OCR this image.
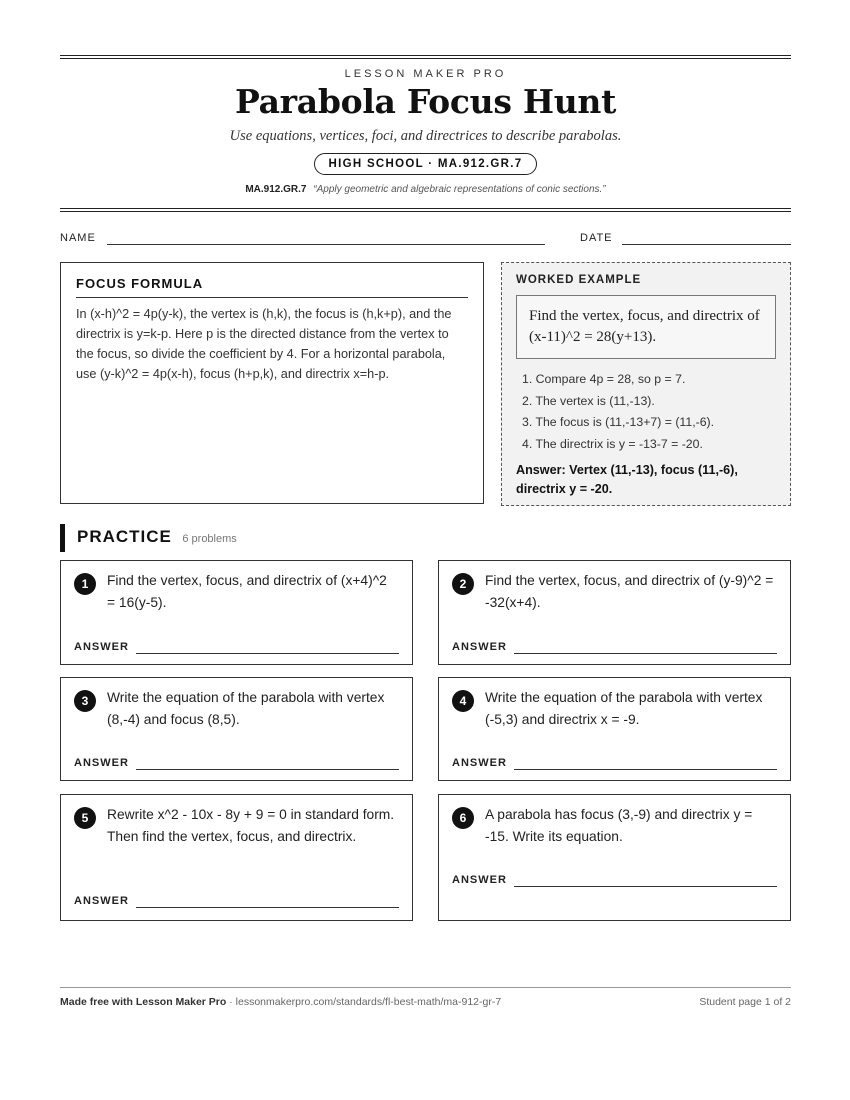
LESSON MAKER PRO
Parabola Focus Hunt
Use equations, vertices, foci, and directrices to describe parabolas.
HIGH SCHOOL · MA.912.GR.7
MA.912.GR.7 “Apply geometric and algebraic representations of conic sections.”
NAME	DATE
FOCUS FORMULA
In (x-h)^2 = 4p(y-k), the vertex is (h,k), the focus is (h,k+p), and the directrix is y=k-p. Here p is the directed distance from the vertex to the focus, so divide the coefficient by 4. For a horizontal parabola, use (y-k)^2 = 4p(x-h), focus (h+p,k), and directrix x=h-p.
WORKED EXAMPLE
Find the vertex, focus, and directrix of (x-11)^2 = 28(y+13).
1. Compare 4p = 28, so p = 7.
2. The vertex is (11,-13).
3. The focus is (11,-13+7) = (11,-6).
4. The directrix is y = -13-7 = -20.
Answer: Vertex (11,-13), focus (11,-6), directrix y = -20.
PRACTICE 6 problems
1	Find the vertex, focus, and directrix of (x+4)^2 = 16(y-5).
ANSWER
2	Find the vertex, focus, and directrix of (y-9)^2 = -32(x+4).
ANSWER
3	Write the equation of the parabola with vertex (8,-4) and focus (8,5).
ANSWER
4	Write the equation of the parabola with vertex (-5,3) and directrix x = -9.
ANSWER
5	Rewrite x^2 - 10x - 8y + 9 = 0 in standard form. Then find the vertex, focus, and directrix.
ANSWER
6	A parabola has focus (3,-9) and directrix y = -15. Write its equation.
ANSWER
Made free with Lesson Maker Pro · lessonmakerpro.com/standards/fl-best-math/ma-912-gr-7	Student page 1 of 2
